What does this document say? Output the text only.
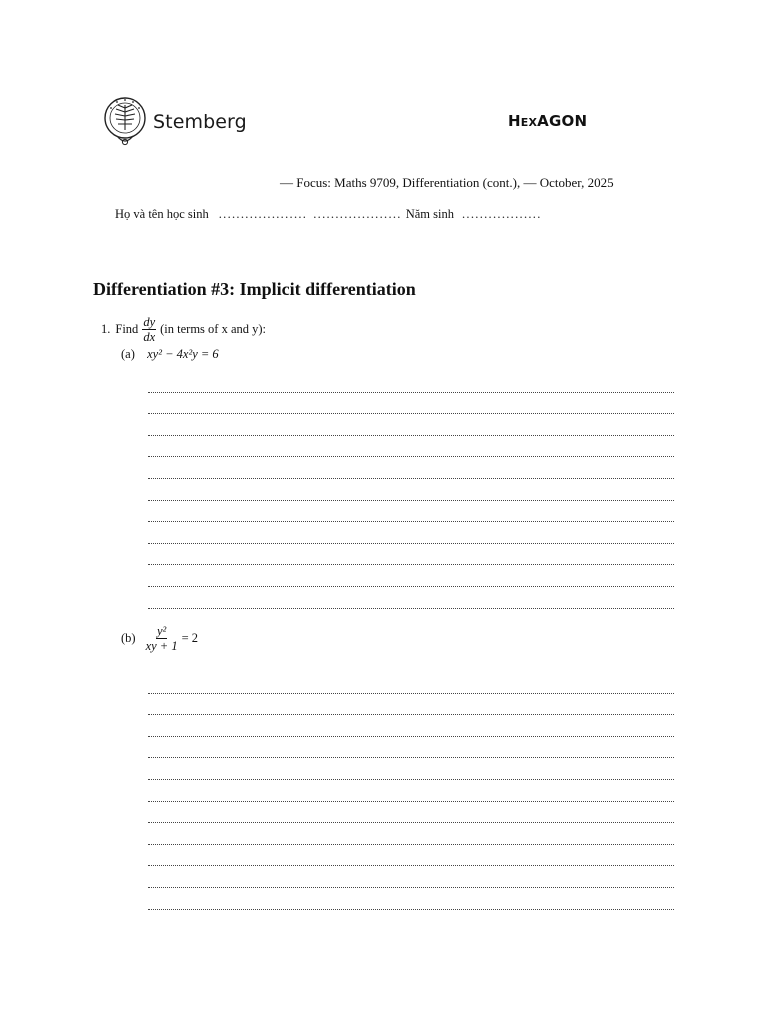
Stemberg	H EX AGON
— Focus: Maths 9709, Differentiation (cont.), — October, 2025
Họ và tên học sinh .................... .................... Năm sinh ..................
Differentiation #3: Implicit differentiation
1. Find $\frac{dy}{dx} (in$ terms of x and y):
(a) xy² − 4x²y = 6
$(b) \frac{\text{y²}}{xy + 1} = 2$
